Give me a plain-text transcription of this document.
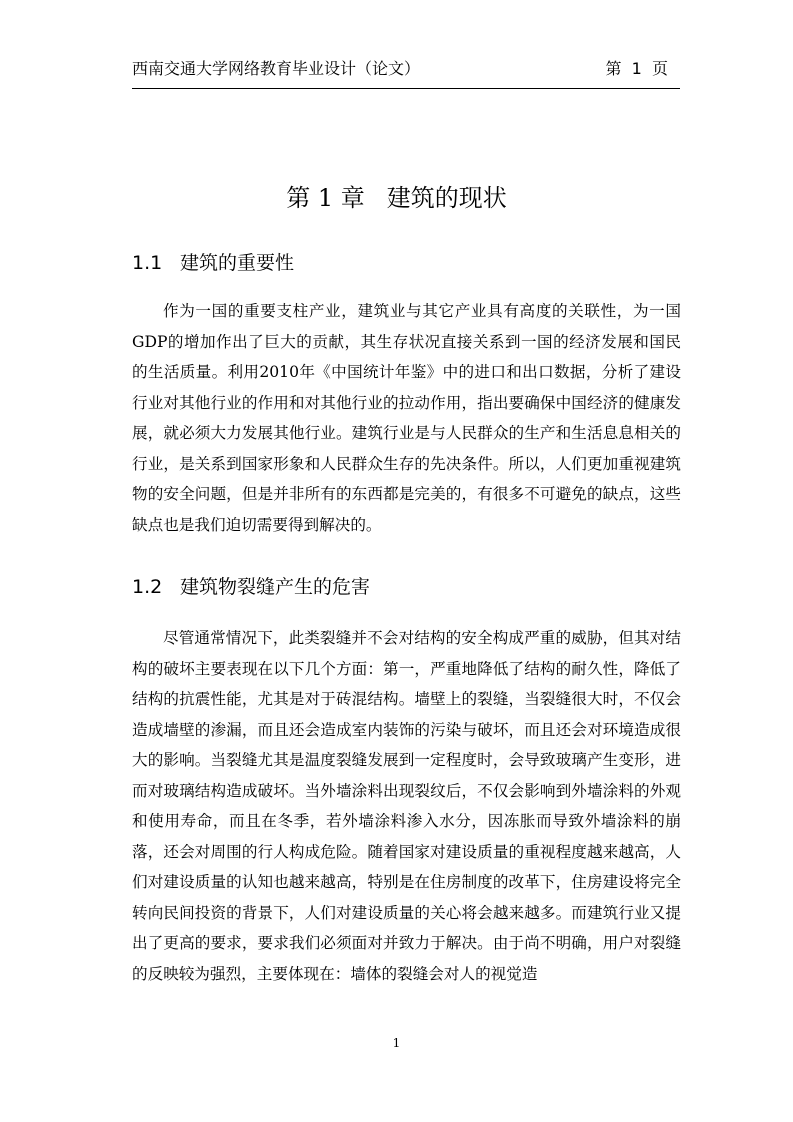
西南交通大学网络教育毕业设计（论文）	第  1  页
第 1 章 建筑的现状
1.1 建筑的重要性

作为一国的重要支柱产业，建筑业与其它产业具有高度的关联性，为一国GDP的增加作出了巨大的贡献，其生存状况直接关系到一国的经济发展和国民的生活质量。利用2010年《中国统计年鉴》中的进口和出口数据，分析了建设行业对其他行业的作用和对其他行业的拉动作用，指出要确保中国经济的健康发展，就必须大力发展其他行业。建筑行业是与人民群众的生产和生活息息相关的行业，是关系到国家形象和人民群众生存的先决条件。所以，人们更加重视建筑物的安全问题，但是并非所有的东西都是完美的，有很多不可避免的缺点，这些缺点也是我们迫切需要得到解决的。

1.2 建筑物裂缝产生的危害

尽管通常情况下，此类裂缝并不会对结构的安全构成严重的威胁，但其对结构的破坏主要表现在以下几个方面：第一，严重地降低了结构的耐久性，降低了结构的抗震性能，尤其是对于砖混结构。墙壁上的裂缝，当裂缝很大时，不仅会造成墙壁的渗漏，而且还会造成室内装饰的污染与破坏，而且还会对环境造成很大的影响。当裂缝尤其是温度裂缝发展到一定程度时，会导致玻璃产生变形，进而对玻璃结构造成破坏。当外墙涂料出现裂纹后，不仅会影响到外墙涂料的外观和使用寿命，而且在冬季，若外墙涂料渗入水分，因冻胀而导致外墙涂料的崩落，还会对周围的行人构成危险。随着国家对建设质量的重视程度越来越高，人们对建设质量的认知也越来越高，特别是在住房制度的改革下，住房建设将完全转向民间投资的背景下，人们对建设质量的关心将会越来越多。而建筑行业又提出了更高的要求，要求我们必须面对并致力于解决。由于尚不明确，用户对裂缝的反映较为强烈，主要体现在：墙体的裂缝会对人的视觉造

1
